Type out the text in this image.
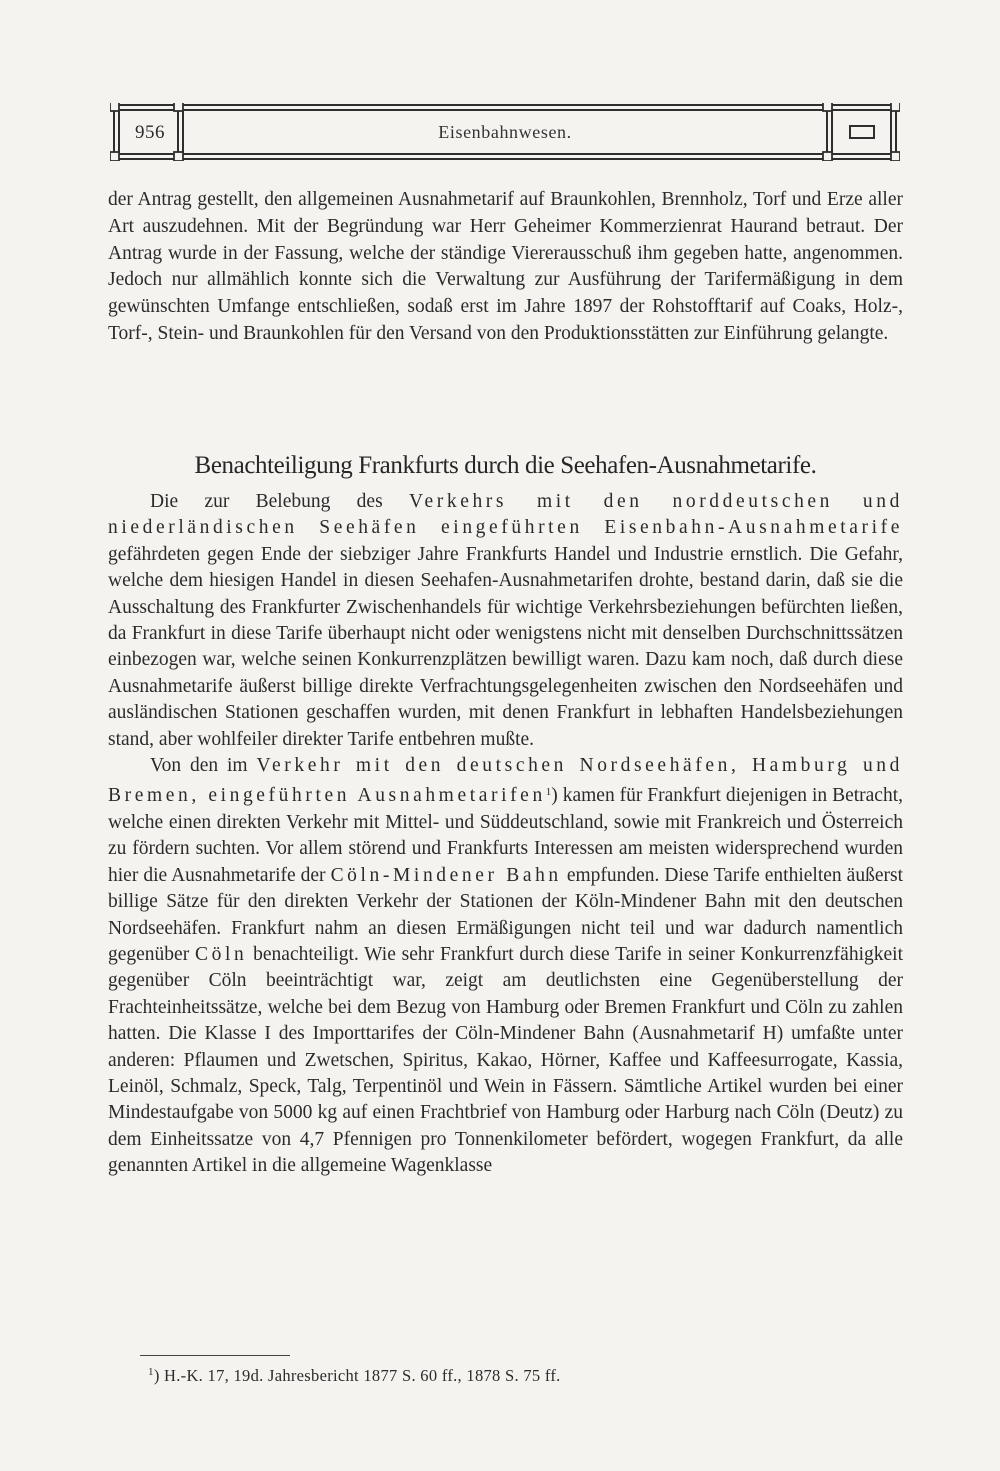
956	Eisenbahnwesen.

der Antrag gestellt, den allgemeinen Ausnahmetarif auf Braunkohlen, Brennholz, Torf und Erze aller Art auszudehnen. Mit der Begründung war Herr Geheimer Kommerzienrat Haurand betraut. Der Antrag wurde in der Fassung, welche der ständige Viererausschuß ihm gegeben hatte, angenommen. Jedoch nur allmählich konnte sich die Verwaltung zur Ausführung der Tarifermäßigung in dem gewünschten Umfange entschließen, sodaß erst im Jahre 1897 der Rohstofftarif auf Coaks, Holz-, Torf-, Stein- und Braunkohlen für den Versand von den Produktionsstätten zur Einführung gelangte.

Benachteiligung Frankfurts durch die Seehafen-Ausnahmetarife.

Die zur Belebung des Verkehrs mit den norddeutschen und niederländischen Seehäfen eingeführten Eisenbahn-Ausnahmetarife gefährdeten gegen Ende der siebziger Jahre Frankfurts Handel und Industrie ernstlich. Die Gefahr, welche dem hiesigen Handel in diesen Seehafen-Ausnahmetarifen drohte, bestand darin, daß sie die Ausschaltung des Frankfurter Zwischenhandels für wichtige Verkehrsbeziehungen befürchten ließen, da Frankfurt in diese Tarife überhaupt nicht oder wenigstens nicht mit denselben Durchschnittssätzen einbezogen war, welche seinen Konkurrenzplätzen bewilligt waren. Dazu kam noch, daß durch diese Ausnahmetarife äußerst billige direkte Verfrachtungsgelegenheiten zwischen den Nordseehäfen und ausländischen Stationen geschaffen wurden, mit denen Frankfurt in lebhaften Handelsbeziehungen stand, aber wohlfeiler direkter Tarife entbehren mußte.

Von den im Verkehr mit den deutschen Nordseehäfen, Hamburg und Bremen, eingeführten Ausnahmetarifen$^1$) kamen für Frankfurt diejenigen in Betracht, welche einen direkten Verkehr mit Mittel- und Süddeutschland, sowie mit Frankreich und Österreich zu fördern suchten. Vor allem störend und Frankfurts Interessen am meisten widersprechend wurden hier die Ausnahmetarife der Cöln-Mindener Bahn empfunden. Diese Tarife enthielten äußerst billige Sätze für den direkten Verkehr der Stationen der Köln-Mindener Bahn mit den deutschen Nordseehäfen. Frankfurt nahm an diesen Ermäßigungen nicht teil und war dadurch namentlich gegenüber Cöln benachteiligt. Wie sehr Frankfurt durch diese Tarife in seiner Konkurrenzfähigkeit gegenüber Cöln beeinträchtigt war, zeigt am deutlichsten eine Gegenüberstellung der Frachteinheitssätze, welche bei dem Bezug von Hamburg oder Bremen Frankfurt und Cöln zu zahlen hatten. Die Klasse I des Importtarifes der Cöln-Mindener Bahn (Ausnahmetarif H) umfaßte unter anderen: Pflaumen und Zwetschen, Spiritus, Kakao, Hörner, Kaffee und Kaffeesurrogate, Kassia, Leinöl, Schmalz, Speck, Talg, Terpentinöl und Wein in Fässern. Sämtliche Artikel wurden bei einer Mindestaufgabe von 5000 kg auf einen Frachtbrief von Hamburg oder Harburg nach Cöln (Deutz) zu dem Einheitssatze von 4,7 Pfennigen pro Tonnenkilometer befördert, wogegen Frankfurt, da alle genannten Artikel in die allgemeine Wagenklasse

$^1$) H.-K. 17, 19d. Jahresbericht 1877 S. 60 ff., 1878 S. 75 ff.
